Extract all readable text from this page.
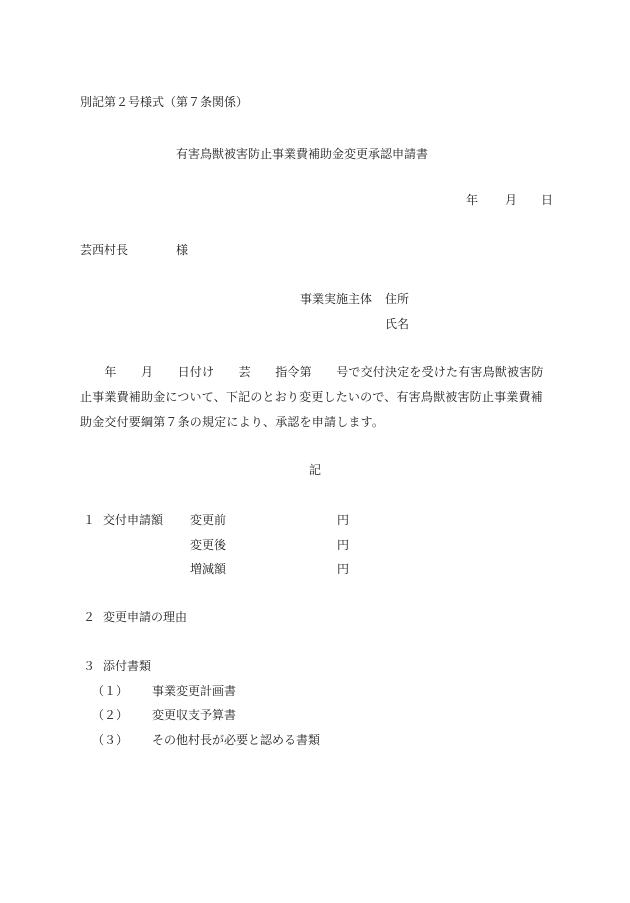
別記第２号様式（第７条関係）
有害鳥獣被害防止事業費補助金変更承認申請書
年 月 日
芸西村長	様
事業実施主体 住所
氏名
　　年　　月　　日付け　　芸　　指令第　　号で交付決定を受けた有害鳥獣被害防
止事業費補助金について、下記のとおり変更したいので、有害鳥獣被害防止事業費補
助金交付要綱第７条の規定により、承認を申請します。
記
１ 交付申請額 変更前	円
変更後	円
増減額	円
２ 変更申請の理由
３ 添付書類
（１） 事業変更計画書
（２） 変更収支予算書
（３） その他村長が必要と認める書類
